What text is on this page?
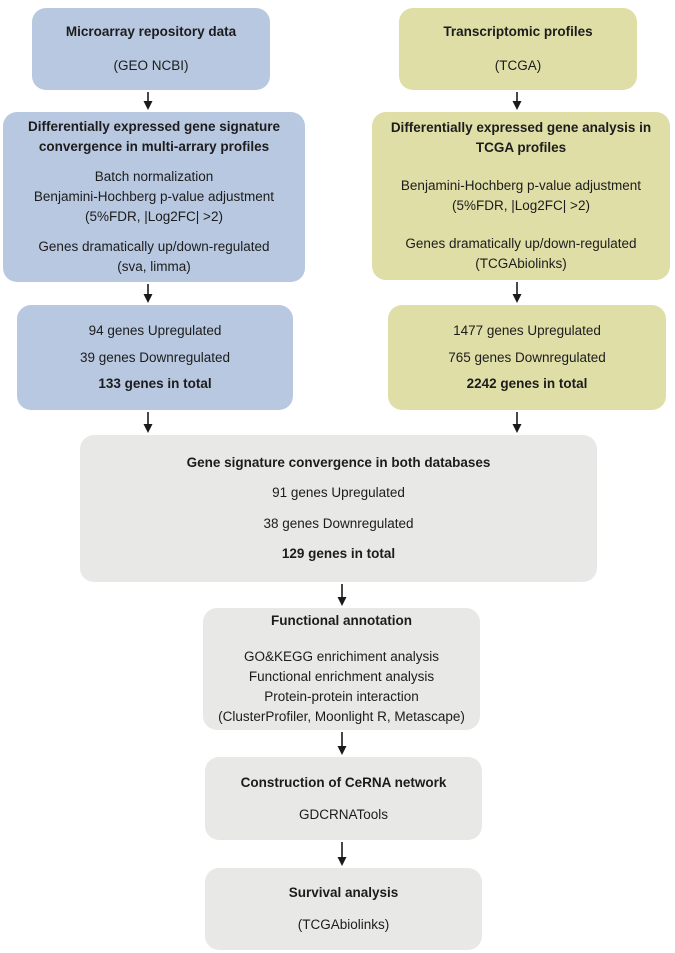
Microarray repository data
(GEO NCBI)
Transcriptomic profiles
(TCGA)
Differentially expressed gene signature convergence in multi-arrary profiles
Batch normalization
Benjamini-Hochberg p-value adjustment
(5%FDR, |Log2FC| >2)
Genes dramatically up/down-regulated
(sva, limma)
Differentially expressed gene analysis in TCGA profiles
Benjamini-Hochberg p-value adjustment
(5%FDR, |Log2FC| >2)
Genes dramatically up/down-regulated
(TCGAbiolinks)
94 genes Upregulated
39 genes Downregulated
133 genes in total
1477 genes Upregulated
765 genes Downregulated
2242 genes in total
Gene signature convergence in both databases
91 genes Upregulated
38 genes Downregulated
129 genes in total
Functional annotation
GO&KEGG enrichiment analysis
Functional enrichment analysis
Protein-protein interaction
(ClusterProfiler, Moonlight R, Metascape)
Construction of CeRNA network
GDCRNATools
Survival analysis
(TCGAbiolinks)
